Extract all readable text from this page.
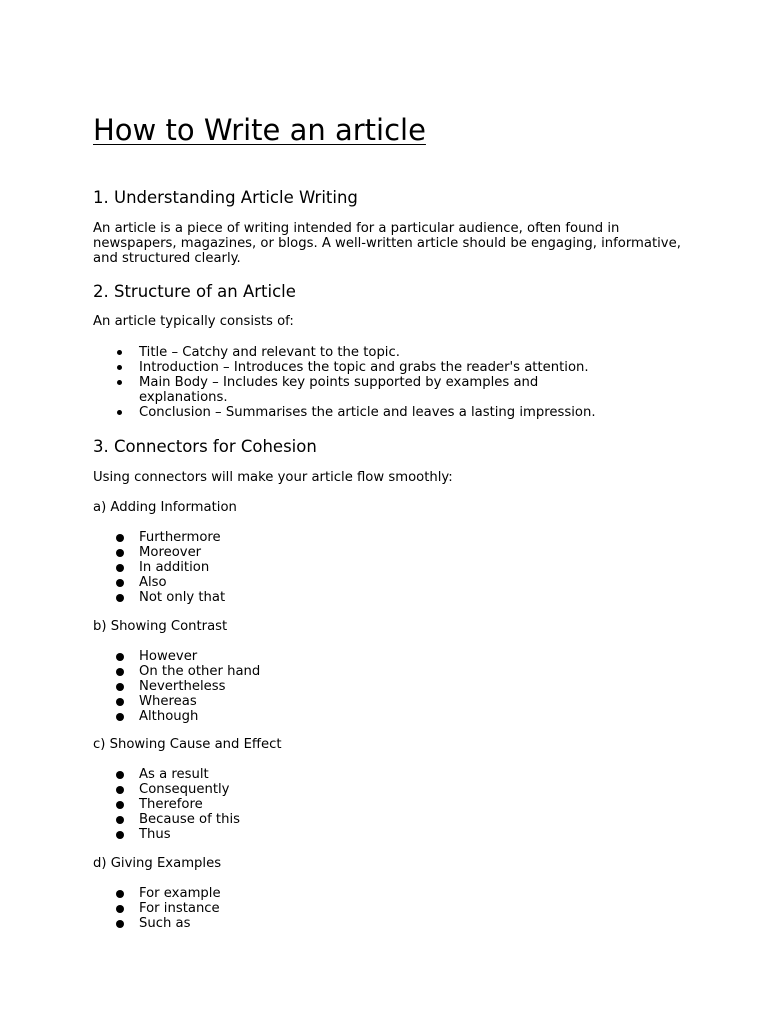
How to Write an article
1. Understanding Article Writing

An article is a piece of writing intended for a particular audience, often found in newspapers, magazines, or blogs. A well-written article should be engaging, informative, and structured clearly.

2. Structure of an Article

An article typically consists of:

Title – Catchy and relevant to the topic.
Introduction – Introduces the topic and grabs the reader's attention.
Main Body – Includes key points supported by examples and explanations.
Conclusion – Summarises the article and leaves a lasting impression.
3. Connectors for Cohesion

Using connectors will make your article flow smoothly:

a) Adding Information

Furthermore
Moreover
In addition
Also
Not only that

b) Showing Contrast

However
On the other hand
Nevertheless
Whereas
Although

c) Showing Cause and Effect

As a result
Consequently
Therefore
Because of this
Thus

d) Giving Examples

For example
For instance
Such as
